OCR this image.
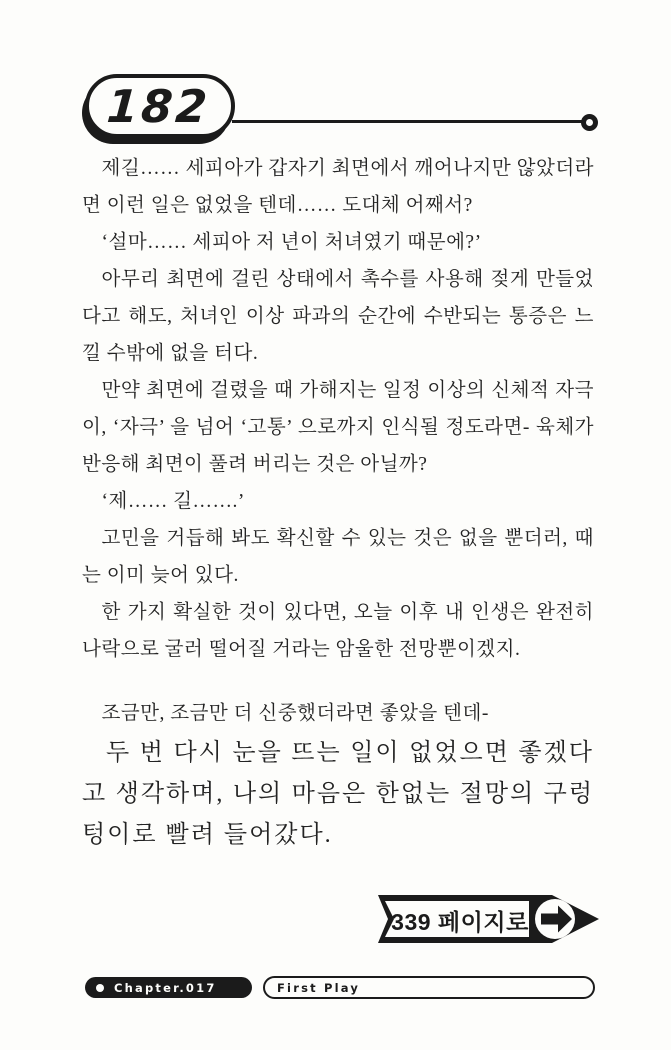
182

제길…… 세피아가 갑자기 최면에서 깨어나지만 않았더라면 이런 일은 없었을 텐데…… 도대체 어째서?

‘설마…… 세피아 저 년이 처녀였기 때문에?’

아무리 최면에 걸린 상태에서 촉수를 사용해 젖게 만들었다고 해도, 처녀인 이상 파과의 순간에 수반되는 통증은 느낄 수밖에 없을 터다.

만약 최면에 걸렸을 때 가해지는 일정 이상의 신체적 자극이, ‘자극’ 을 넘어 ‘고통’ 으로까지 인식될 정도라면- 육체가 반응해 최면이 풀려 버리는 것은 아닐까?

‘제…… 길…….’

고민을 거듭해 봐도 확신할 수 있는 것은 없을 뿐더러, 때는 이미 늦어 있다.

한 가지 확실한 것이 있다면, 오늘 이후 내 인생은 완전히 나락으로 굴러 떨어질 거라는 암울한 전망뿐이겠지.

조금만, 조금만 더 신중했더라면 좋았을 텐데-

두 번 다시 눈을 뜨는 일이 없었으면 좋겠다고 생각하며, 나의 마음은 한없는 절망의 구렁텅이로 빨려 들어갔다.

339 페이지로
Chapter.017	First Play
